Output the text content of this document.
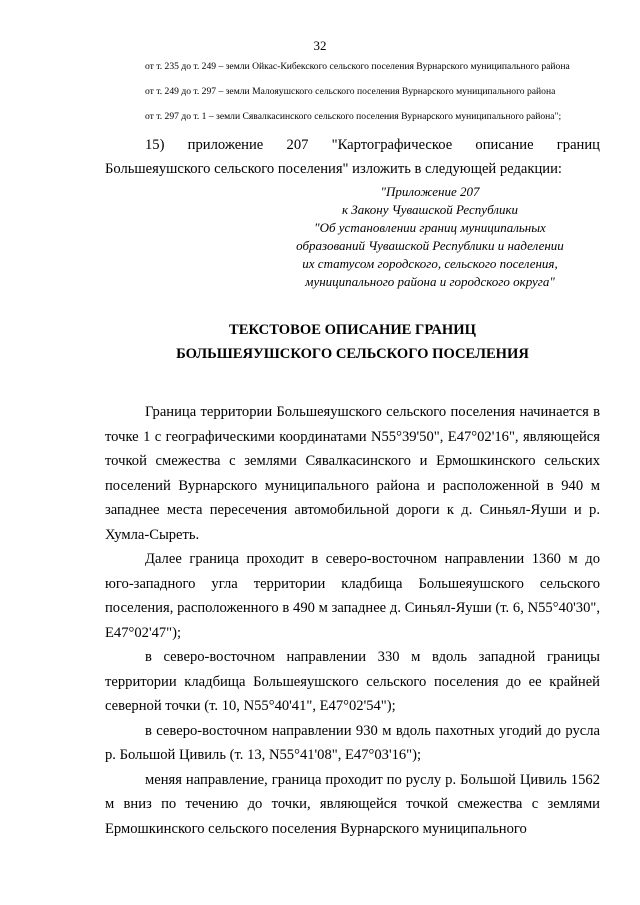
32
от т. 235 до т. 249 – земли Ойкас-Кибекского сельского поселения Вурнарского муниципального района
от т. 249 до т. 297 – земли Малояушского сельского поселения Вурнарского муниципального района
от т. 297 до т. 1 – земли Сявалкасинского сельского поселения Вурнарского муниципального района";
15) приложение 207 "Картографическое описание границ Большеяушского сельского поселения" изложить в следующей редакции:
"Приложение 207
к Закону Чувашской Республики
"Об установлении границ муниципальных
образований Чувашской Республики и наделении
их статусом городского, сельского поселения,
муниципального района и городского округа"
ТЕКСТОВОЕ ОПИСАНИЕ ГРАНИЦ
БОЛЬШЕЯУШСКОГО СЕЛЬСКОГО ПОСЕЛЕНИЯ

Граница территории Большеяушского сельского поселения начинается в точке 1 с географическими координатами N55°39'50", E47°02'16", являющейся точкой смежества с землями Сявалкасинского и Ермошкинского сельских поселений Вурнарского муниципального района и расположенной в 940 м западнее места пересечения автомобильной дороги к д. Синьял-Яуши и р. Хумла-Сыреть.

Далее граница проходит в северо-восточном направлении 1360 м до юго-западного угла территории кладбища Большеяушского сельского поселения, расположенного в 490 м западнее д. Синьял-Яуши (т. 6, N55°40'30", E47°02'47");

в северо-восточном направлении 330 м вдоль западной границы территории кладбища Большеяушского сельского поселения до ее крайней северной точки (т. 10, N55°40'41", E47°02'54");

в северо-восточном направлении 930 м вдоль пахотных угодий до русла р. Большой Цивиль (т. 13, N55°41'08", E47°03'16");

меняя направление, граница проходит по руслу р. Большой Цивиль 1562 м вниз по течению до точки, являющейся точкой смежества с землями Ермошкинского сельского поселения Вурнарского муниципального
